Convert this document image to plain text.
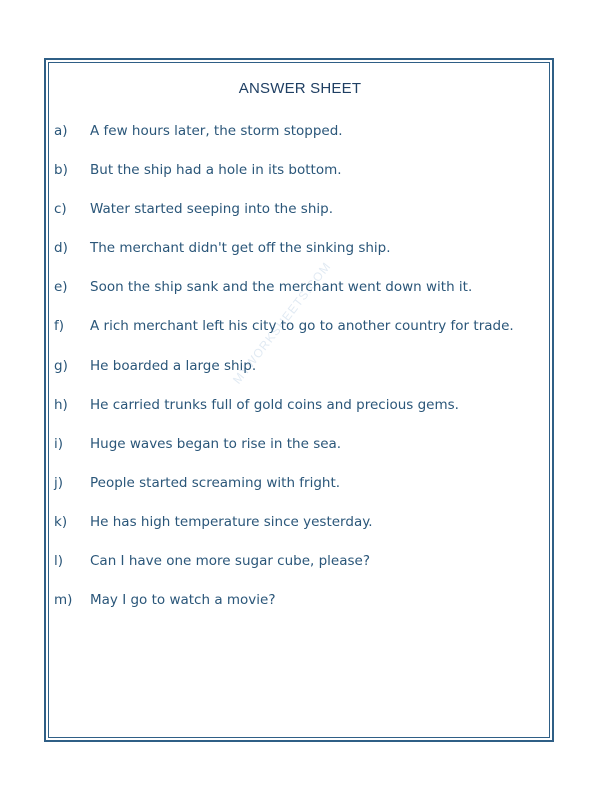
ANSWER SHEET
MYWORKSHEETS.COM
a)	A few hours later, the storm stopped.
b)	But the ship had a hole in its bottom.
c)	Water started seeping into the ship.
d)	The merchant didn't get off the sinking ship.
e)	Soon the ship sank and the merchant went down with it.
f)	A rich merchant left his city to go to another country for trade.
g)	He boarded a large ship.
h)	He carried trunks full of gold coins and precious gems.
i)	Huge waves began to rise in the sea.
j)	People started screaming with fright.
k)	He has high temperature since yesterday.
l)	Can I have one more sugar cube, please?
m)	May I go to watch a movie?
